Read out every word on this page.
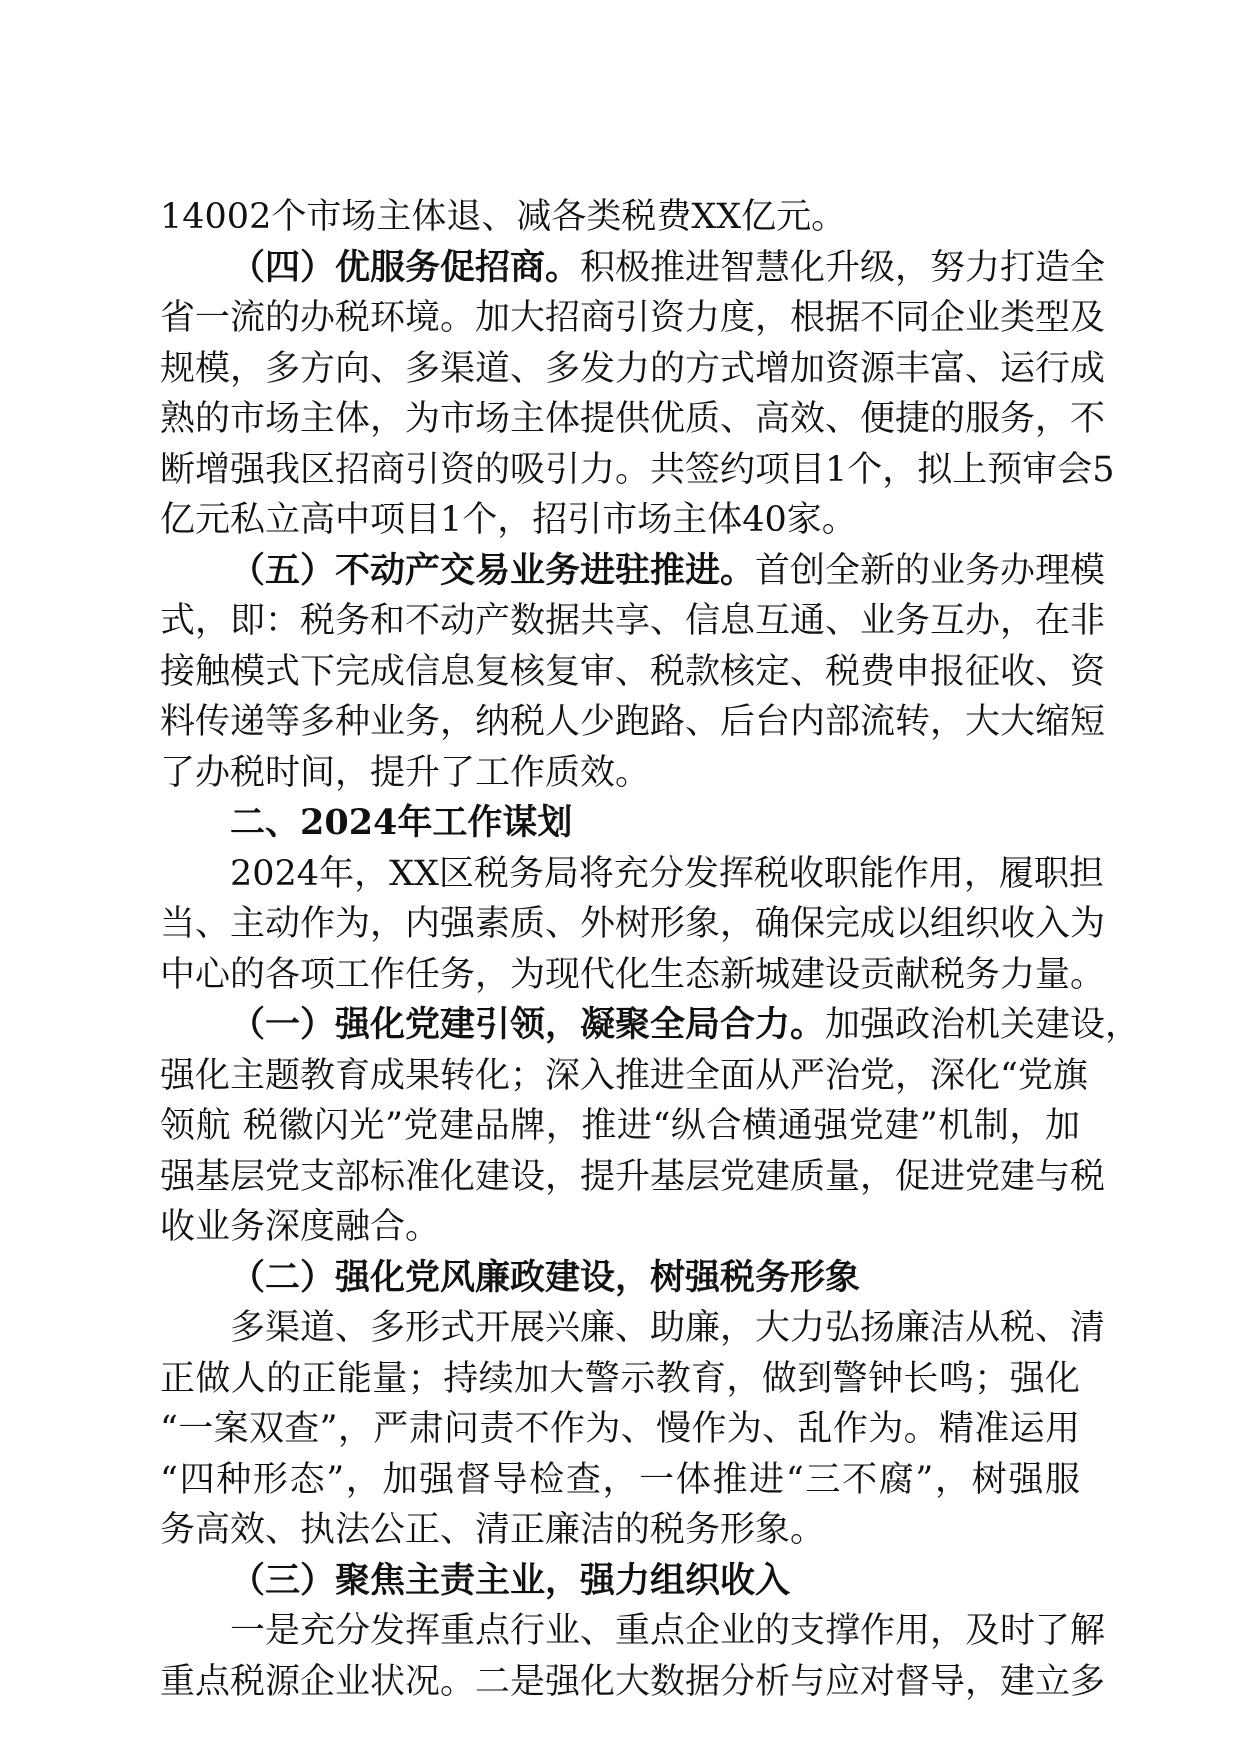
14002个市场主体退、减各类税费XX亿元。
（四）优服务促招商。积极推进智慧化升级，努力打造全
省一流的办税环境。加大招商引资力度，根据不同企业类型及
规模，多方向、多渠道、多发力的方式增加资源丰富、运行成
熟的市场主体，为市场主体提供优质、高效、便捷的服务，不
断增强我区招商引资的吸引力。共签约项目1个，拟上预审会5
亿元私立高中项目1个，招引市场主体40家。
（五）不动产交易业务进驻推进。首创全新的业务办理模
式，即：税务和不动产数据共享、信息互通、业务互办，在非
接触模式下完成信息复核复审、税款核定、税费申报征收、资
料传递等多种业务，纳税人少跑路、后台内部流转，大大缩短
了办税时间，提升了工作质效。
二、2024年工作谋划
2024年，XX区税务局将充分发挥税收职能作用，履职担
当、主动作为，内强素质、外树形象，确保完成以组织收入为
中心的各项工作任务，为现代化生态新城建设贡献税务力量。
（一）强化党建引领，凝聚全局合力。加强政治机关建设，
强化主题教育成果转化；深入推进全面从严治党，深化“党旗
领航 税徽闪光”党建品牌，推进“纵合横通强党建”机制，加
强基层党支部标准化建设，提升基层党建质量，促进党建与税
收业务深度融合。
（二）强化党风廉政建设，树强税务形象
多渠道、多形式开展兴廉、助廉，大力弘扬廉洁从税、清
正做人的正能量；持续加大警示教育，做到警钟长鸣；强化
“一案双查”，严肃问责不作为、慢作为、乱作为。精准运用
“四种形态”，加强督导检查，一体推进“三不腐”，树强服
务高效、执法公正、清正廉洁的税务形象。
（三）聚焦主责主业，强力组织收入
一是充分发挥重点行业、重点企业的支撑作用，及时了解
重点税源企业状况。二是强化大数据分析与应对督导，建立多
